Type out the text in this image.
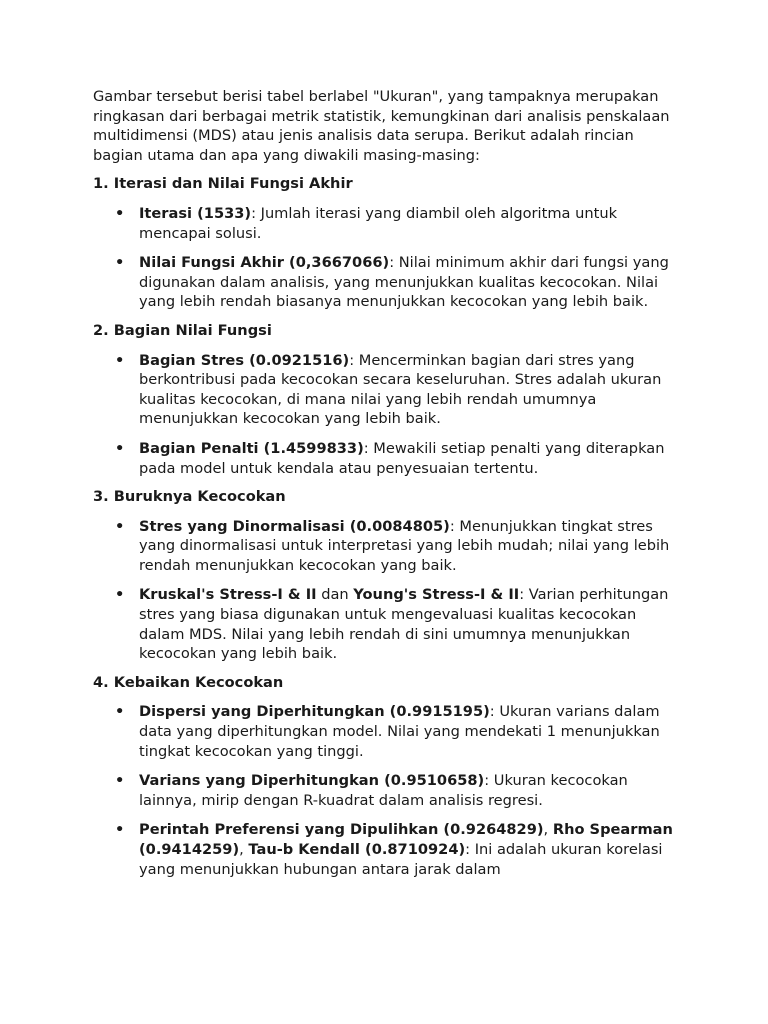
Gambar tersebut berisi tabel berlabel "Ukuran", yang tampaknya merupakan ringkasan dari berbagai metrik statistik, kemungkinan dari analisis penskalaan multidimensi (MDS) atau jenis analisis data serupa. Berikut adalah rincian bagian utama dan apa yang diwakili masing-masing:

1. Iterasi dan Nilai Fungsi Akhir

• Iterasi (1533): Jumlah iterasi yang diambil oleh algoritma untuk mencapai solusi.
• Nilai Fungsi Akhir (0,3667066): Nilai minimum akhir dari fungsi yang digunakan dalam analisis, yang menunjukkan kualitas kecocokan. Nilai yang lebih rendah biasanya menunjukkan kecocokan yang lebih baik.

2. Bagian Nilai Fungsi

• Bagian Stres (0.0921516): Mencerminkan bagian dari stres yang berkontribusi pada kecocokan secara keseluruhan. Stres adalah ukuran kualitas kecocokan, di mana nilai yang lebih rendah umumnya menunjukkan kecocokan yang lebih baik.
• Bagian Penalti (1.4599833): Mewakili setiap penalti yang diterapkan pada model untuk kendala atau penyesuaian tertentu.

3. Buruknya Kecocokan

• Stres yang Dinormalisasi (0.0084805): Menunjukkan tingkat stres yang dinormalisasi untuk interpretasi yang lebih mudah; nilai yang lebih rendah menunjukkan kecocokan yang baik.
• Kruskal's Stress-I & II dan Young's Stress-I & II: Varian perhitungan stres yang biasa digunakan untuk mengevaluasi kualitas kecocokan dalam MDS. Nilai yang lebih rendah di sini umumnya menunjukkan kecocokan yang lebih baik.

4. Kebaikan Kecocokan

• Dispersi yang Diperhitungkan (0.9915195): Ukuran varians dalam data yang diperhitungkan model. Nilai yang mendekati 1 menunjukkan tingkat kecocokan yang tinggi.
• Varians yang Diperhitungkan (0.9510658): Ukuran kecocokan lainnya, mirip dengan R-kuadrat dalam analisis regresi.
• Perintah Preferensi yang Dipulihkan (0.9264829), Rho Spearman (0.9414259), Tau-b Kendall (0.8710924): Ini adalah ukuran korelasi yang menunjukkan hubungan antara jarak dalam
